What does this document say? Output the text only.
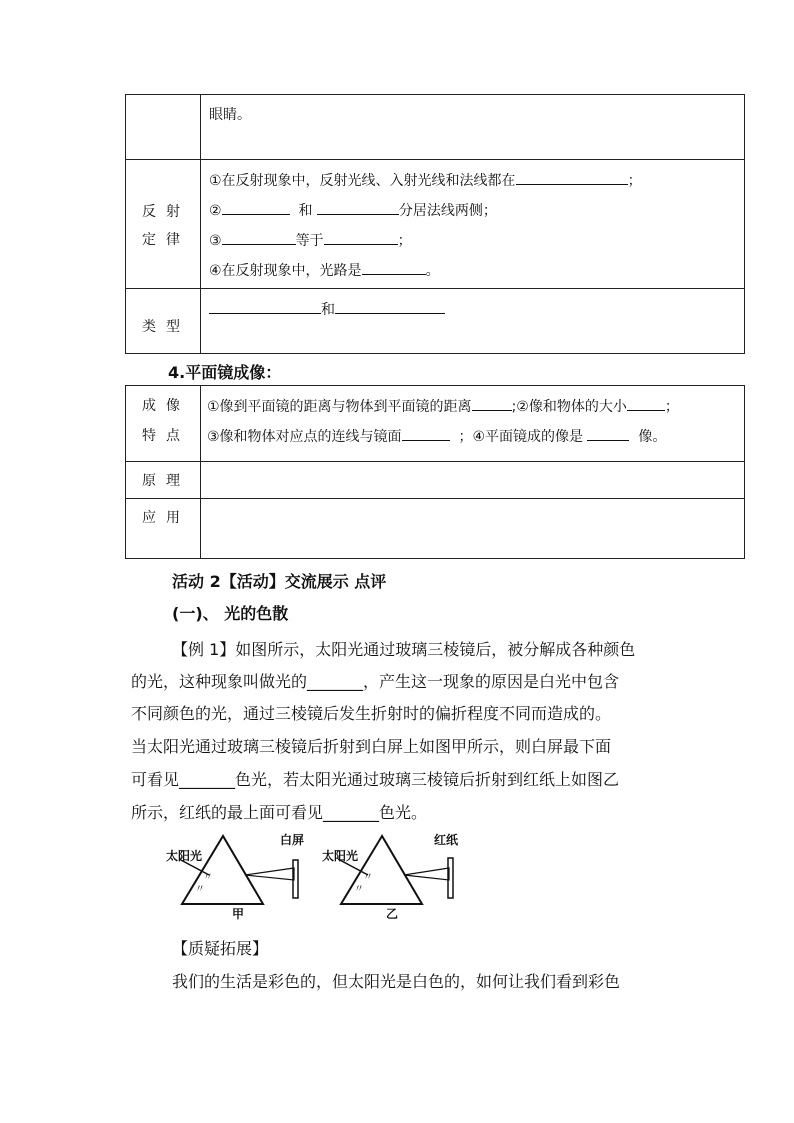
	眼睛。

反射
定律	①在反射现象中，反射光线、入射光线和法线都在 ；
② 和 分居法线两侧；
③ 等于 ；
④在反射现象中，光路是 。

类型	和
4.平面镜成像：
成像
特点	①像到平面镜的距离与物体到平面镜的距离 ;②像和物体的大小 ；
③像和物体对应点的连线与镜面 ；④平面镜成的像是 像。

原理	

应用	

活动 2【活动】交流展示 点评
(一)、 光的色散
【例 1】如图所示，太阳光通过玻璃三棱镜后，被分解成各种颜色
的光，这种现象叫做光的_______，产生这一现象的原因是白光中包含
不同颜色的光，通过三棱镜后发生折射时的偏折程度不同而造成的。
当太阳光通过玻璃三棱镜后折射到白屏上如图甲所示，则白屏最下面
可看见_______色光，若太阳光通过玻璃三棱镜后折射到红纸上如图乙
所示，红纸的最上面可看见_______色光。
〃
〃
〃
〃
太阳光
白屏
甲
太阳光
红纸
乙
【质疑拓展】
我们的生活是彩色的，但太阳光是白色的，如何让我们看到彩色
